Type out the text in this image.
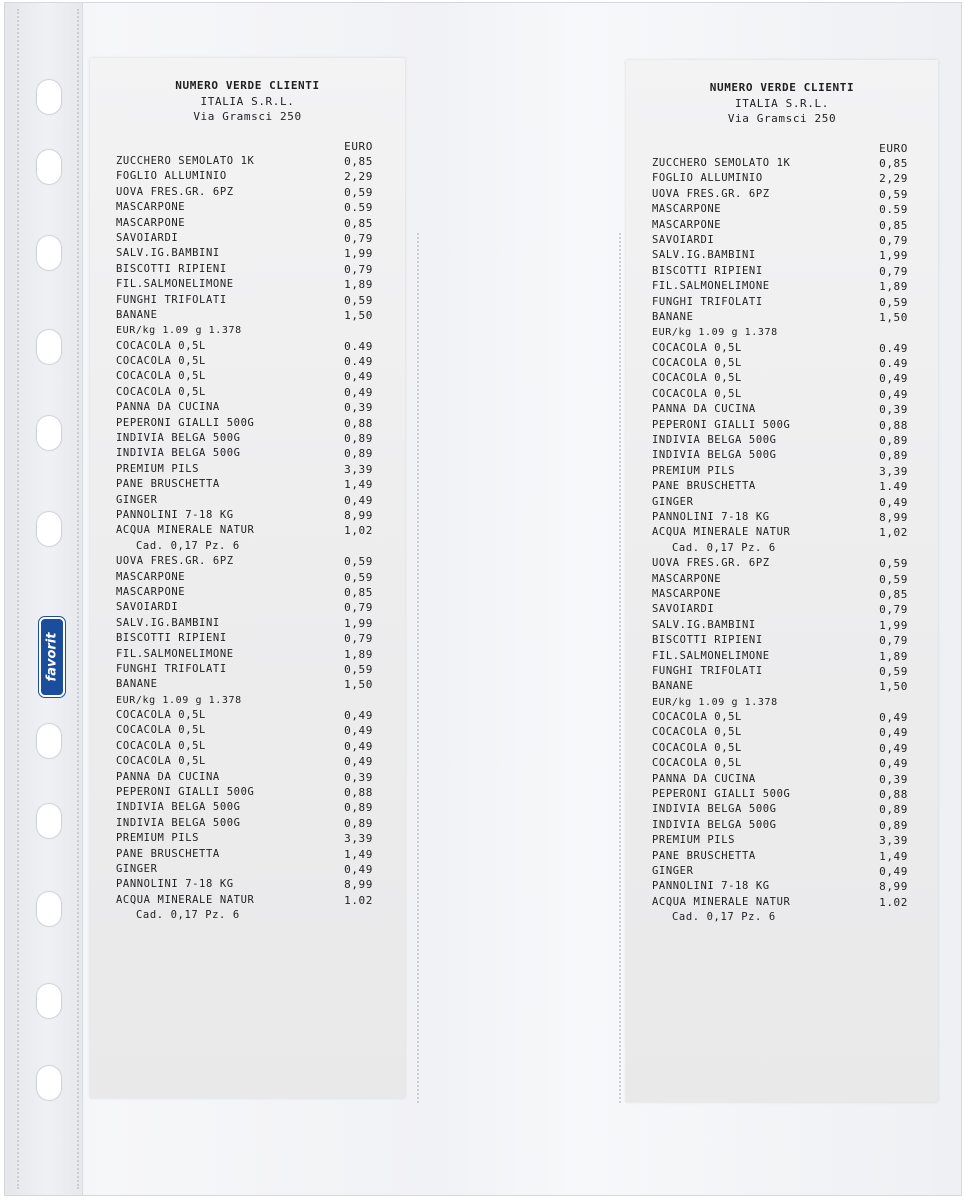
favorit
NUMERO VERDE CLIENTI
ITALIA S.R.L.
Via Gramsci 250
EURO
ZUCCHERO SEMOLATO 1K	0,85
FOGLIO ALLUMINIO	2,29
UOVA FRES.GR. 6PZ	0,59
MASCARPONE	0.59
MASCARPONE	0,85
SAVOIARDI	0,79
SALV.IG.BAMBINI	1,99
BISCOTTI RIPIENI	0,79
FIL.SALMONELIMONE	1,89
FUNGHI TRIFOLATI	0,59
BANANE	1,50
EUR/kg 1.09 g 1.378
COCACOLA 0,5L	0.49
COCACOLA 0,5L	0.49
COCACOLA 0,5L	0,49
COCACOLA 0,5L	0,49
PANNA DA CUCINA	0,39
PEPERONI GIALLI 500G	0,88
INDIVIA BELGA 500G	0,89
INDIVIA BELGA 500G	0,89
PREMIUM PILS	3,39
PANE BRUSCHETTA	1,49
GINGER	0,49
PANNOLINI 7-18 KG	8,99
ACQUA MINERALE NATUR	1,02
Cad. 0,17 Pz. 6
UOVA FRES.GR. 6PZ	0,59
MASCARPONE	0,59
MASCARPONE	0,85
SAVOIARDI	0,79
SALV.IG.BAMBINI	1,99
BISCOTTI RIPIENI	0,79
FIL.SALMONELIMONE	1,89
FUNGHI TRIFOLATI	0,59
BANANE	1,50
EUR/kg 1.09 g 1.378
COCACOLA 0,5L	0,49
COCACOLA 0,5L	0,49
COCACOLA 0,5L	0,49
COCACOLA 0,5L	0,49
PANNA DA CUCINA	0,39
PEPERONI GIALLI 500G	0,88
INDIVIA BELGA 500G	0,89
INDIVIA BELGA 500G	0,89
PREMIUM PILS	3,39
PANE BRUSCHETTA	1,49
GINGER	0,49
PANNOLINI 7-18 KG	8,99
ACQUA MINERALE NATUR	1.02
Cad. 0,17 Pz. 6
NUMERO VERDE CLIENTI
ITALIA S.R.L.
Via Gramsci 250
EURO
ZUCCHERO SEMOLATO 1K	0,85
FOGLIO ALLUMINIO	2,29
UOVA FRES.GR. 6PZ	0,59
MASCARPONE	0.59
MASCARPONE	0,85
SAVOIARDI	0,79
SALV.IG.BAMBINI	1,99
BISCOTTI RIPIENI	0,79
FIL.SALMONELIMONE	1,89
FUNGHI TRIFOLATI	0,59
BANANE	1,50
EUR/kg 1.09 g 1.378
COCACOLA 0,5L	0.49
COCACOLA 0,5L	0.49
COCACOLA 0,5L	0,49
COCACOLA 0,5L	0,49
PANNA DA CUCINA	0,39
PEPERONI GIALLI 500G	0,88
INDIVIA BELGA 500G	0,89
INDIVIA BELGA 500G	0,89
PREMIUM PILS	3,39
PANE BRUSCHETTA	1.49
GINGER	0,49
PANNOLINI 7-18 KG	8,99
ACQUA MINERALE NATUR	1,02
Cad. 0,17 Pz. 6
UOVA FRES.GR. 6PZ	0,59
MASCARPONE	0,59
MASCARPONE	0,85
SAVOIARDI	0,79
SALV.IG.BAMBINI	1,99
BISCOTTI RIPIENI	0,79
FIL.SALMONELIMONE	1,89
FUNGHI TRIFOLATI	0,59
BANANE	1,50
EUR/kg 1.09 g 1.378
COCACOLA 0,5L	0,49
COCACOLA 0,5L	0,49
COCACOLA 0,5L	0,49
COCACOLA 0,5L	0,49
PANNA DA CUCINA	0,39
PEPERONI GIALLI 500G	0,88
INDIVIA BELGA 500G	0,89
INDIVIA BELGA 500G	0,89
PREMIUM PILS	3,39
PANE BRUSCHETTA	1,49
GINGER	0,49
PANNOLINI 7-18 KG	8,99
ACQUA MINERALE NATUR	1.02
Cad. 0,17 Pz. 6
